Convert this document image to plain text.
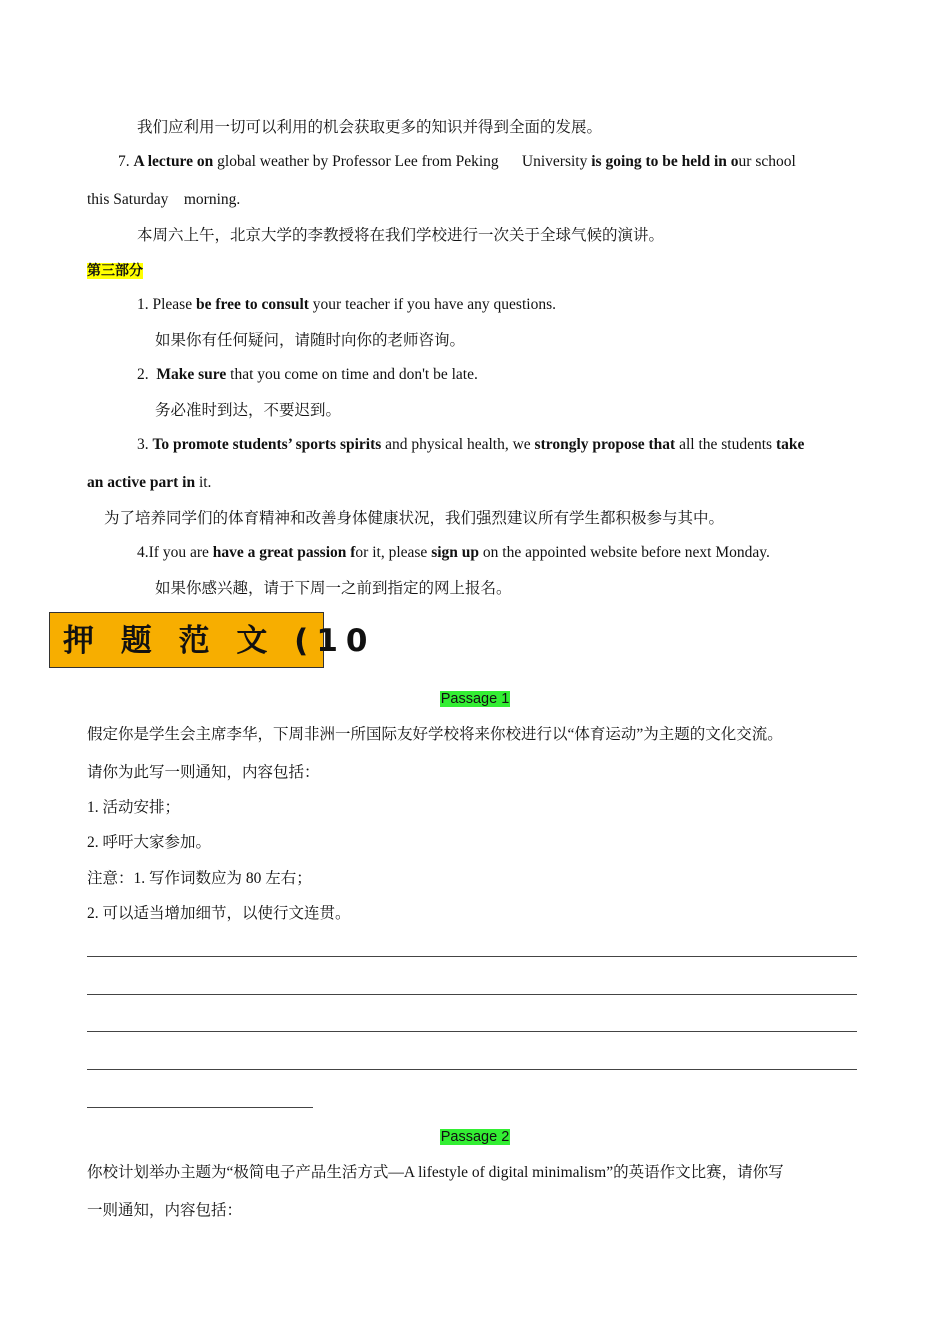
我们应利用一切可以利用的机会获取更多的知识并得到全面的发展。
7. A lecture on global weather by Professor Lee from Peking      University is going to be held in our school
this Saturday    morning.
本周六上午，北京大学的李教授将在我们学校进行一次关于全球气候的演讲。
第三部分
1. Please be free to consult your teacher if you have any questions.
如果你有任何疑问，请随时向你的老师咨询。
2.  Make sure that you come on time and don't be late.
务必准时到达，不要迟到。
3. To promote students’ sports spirits and physical health, we strongly propose that all the students take
an active part in it.
为了培养同学们的体育精神和改善身体健康状况，我们强烈建议所有学生都积极参与其中。
4.If you are have a great passion for it, please sign up on the appointed website before next Monday.
如果你感兴趣，请于下周一之前到指定的网上报名。
押 题 范 文 (10
Passage 1
假定你是学生会主席李华，下周非洲一所国际友好学校将来你校进行以“体育运动”为主题的文化交流。
请你为此写一则通知，内容包括：
1. 活动安排；
2. 呼吁大家参加。
注意：1. 写作词数应为 80 左右；
2. 可以适当增加细节，以使行文连贯。
Passage 2
你校计划举办主题为“极简电子产品生活方式—A lifestyle of digital minimalism”的英语作文比赛，请你写
一则通知，内容包括：
